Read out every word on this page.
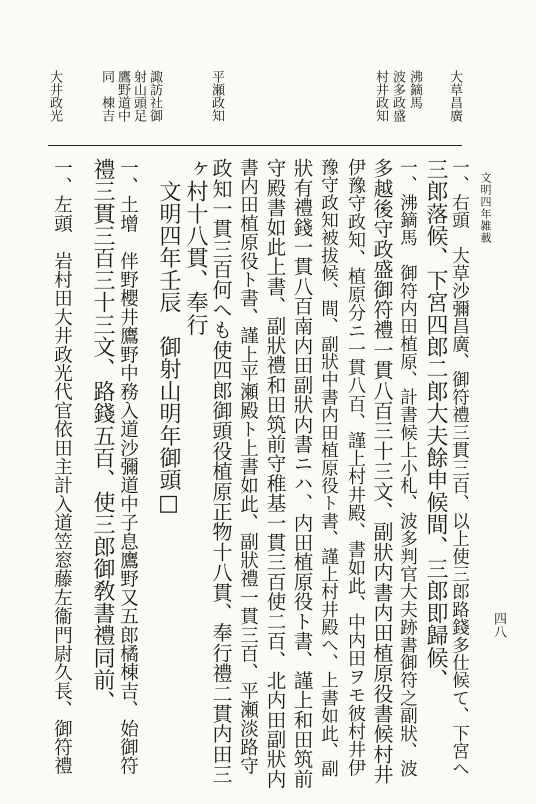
文明四年雑載
四八
大草昌廣
沸鏑馬
波多政盛
村井政知
平瀬政知
諏訪社御
射山頭足
鷹野道中
同　棟吉
大井政光
一、右頭　大草沙彌昌廣、御符禮三貫三百、以上使三郎路錢多仕候て、下宮へ
三郎落候、下宮四郎二郎大夫餘申候間、三郎即歸候、
一、沸鏑馬　御符内田植原、計書候上小札、波多判官大夫跡書御符之副狀、波
多越後守政盛御符禮一貫八百三十三文、副狀内書内田植原役書候村井
伊豫守政知、植原分ニ一貫八百、謹上村井殿、書如此、中内田ヲモ彼村井伊
豫守政知被拔候、間、副狀中書内田植原役ト書、謹上村井殿へ、上書如此、副
狀有禮錢一貫八百南内田副狀内書ニハ、内田植原役ト書、謹上和田筑前
守殿書如此上書、副狀禮和田筑前守稚基一貫三百使二百、北内田副狀内
書内田植原役ト書、謹上平瀬殿ト上書如此、副狀禮一貫三百、平瀬淡路守
政知一貫三百何へも使四郎御頭役植原正物十八貫、奉行禮二貫内田三
ヶ村十八貫、奉行
　文明四年壬辰　御射山明年御頭□
一、土增　伴野櫻井鷹野中務入道沙彌道中子息鷹野又五郎橘棟吉、始御符
禮三貫三百三十三文、路錢五百、使三郎御敎書禮同前、
一、左頭　岩村田大井政光代官依田主計入道笠窓藤左衞門尉久長、御符禮
